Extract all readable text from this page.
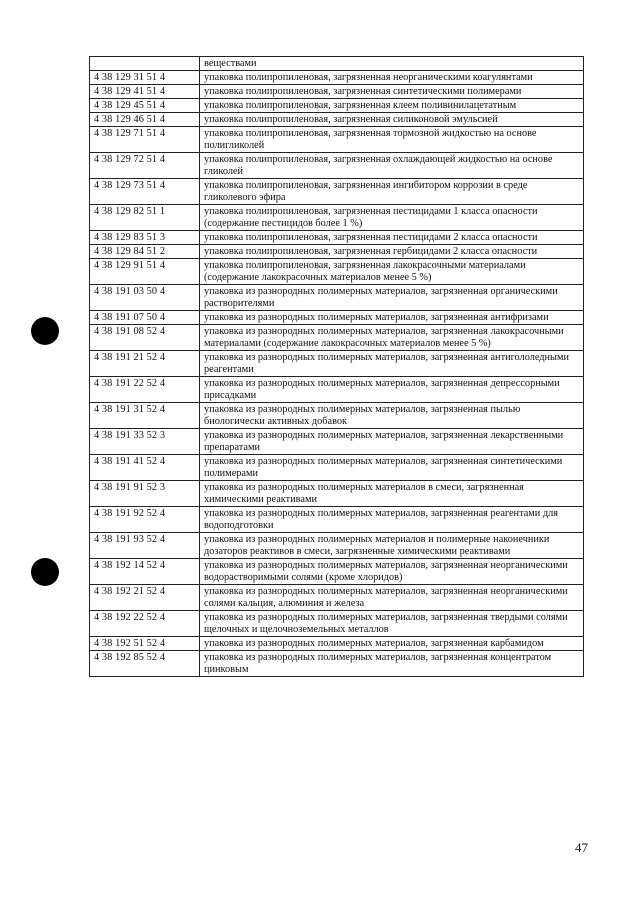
	веществами
4 38 129 31 51 4	упаковка полипропиленовая, загрязненная неорганическими коагулянтами
4 38 129 41 51 4	упаковка полипропиленовая, загрязненная синтетическими полимерами
4 38 129 45 51 4	упаковка полипропиленовая, загрязненная клеем поливинилацетатным
4 38 129 46 51 4	упаковка полипропиленовая, загрязненная силиконовой эмульсией
4 38 129 71 51 4	упаковка полипропиленовая, загрязненная тормозной жидкостью на основе полигликолей
4 38 129 72 51 4	упаковка полипропиленовая, загрязненная охлаждающей жидкостью на основе гликолей
4 38 129 73 51 4	упаковка полипропиленовая, загрязненная ингибитором коррозии в среде гликолевого эфира
4 38 129 82 51 1	упаковка полипропиленовая, загрязненная пестицидами 1 класса опасности (содержание пестицидов более 1 %)
4 38 129 83 51 3	упаковка полипропиленовая, загрязненная пестицидами 2 класса опасности
4 38 129 84 51 2	упаковка полипропиленовая, загрязненная гербицидами 2 класса опасности
4 38 129 91 51 4	упаковка полипропиленовая, загрязненная лакокрасочными материалами (содержание лакокрасочных материалов менее 5 %)
4 38 191 03 50 4	упаковка из разнородных полимерных материалов, загрязненная органическими растворителями
4 38 191 07 50 4	упаковка из разнородных полимерных материалов, загрязненная антифризами
4 38 191 08 52 4	упаковка из разнородных полимерных материалов, загрязненная лакокрасочными материалами (содержание лакокрасочных материалов менее 5 %)
4 38 191 21 52 4	упаковка из разнородных полимерных материалов, загрязненная антигололедными реагентами
4 38 191 22 52 4	упаковка из разнородных полимерных материалов, загрязненная депрессорными присадками
4 38 191 31 52 4	упаковка из разнородных полимерных материалов, загрязненная пылью биологически активных добавок
4 38 191 33 52 3	упаковка из разнородных полимерных материалов, загрязненная лекарственными препаратами
4 38 191 41 52 4	упаковка из разнородных полимерных материалов, загрязненная синтетическими полимерами
4 38 191 91 52 3	упаковка из разнородных полимерных материалов в смеси, загрязненная химическими реактивами
4 38 191 92 52 4	упаковка из разнородных полимерных материалов, загрязненная реагентами для водоподготовки
4 38 191 93 52 4	упаковка из разнородных полимерных материалов и полимерные наконечники дозаторов реактивов в смеси, загрязненные химическими реактивами
4 38 192 14 52 4	упаковка из разнородных полимерных материалов, загрязненная неорганическими водорастворимыми солями (кроме хлоридов)
4 38 192 21 52 4	упаковка из разнородных полимерных материалов, загрязненная неорганическими солями кальция, алюминия и железа
4 38 192 22 52 4	упаковка из разнородных полимерных материалов, загрязненная твердыми солями щелочных и щелочноземельных металлов
4 38 192 51 52 4	упаковка из разнородных полимерных материалов, загрязненная карбамидом
4 38 192 85 52 4	упаковка из разнородных полимерных материалов, загрязненная концентратом цинковым
47
